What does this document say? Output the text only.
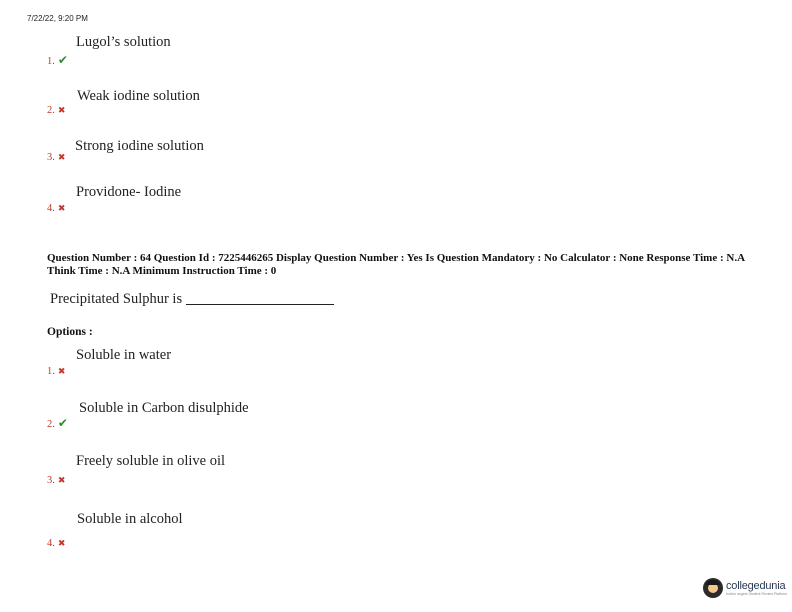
7/22/22, 9:20 PM
Lugol’s solution
1. ✔
Weak iodine solution
2. ✖
Strong iodine solution
3. ✖
Providone- Iodine
4. ✖
Question Number : 64 Question Id : 7225446265 Display Question Number : Yes Is Question Mandatory : No Calculator : None Response Time : N.A Think Time : N.A Minimum Instruction Time : 0
Precipitated Sulphur is
Options :
Soluble in water
1. ✖
Soluble in Carbon disulphide
2. ✔
Freely soluble in olive oil
3. ✖
Soluble in alcohol
4. ✖
collegedunia
India's largest Student Review Platform
